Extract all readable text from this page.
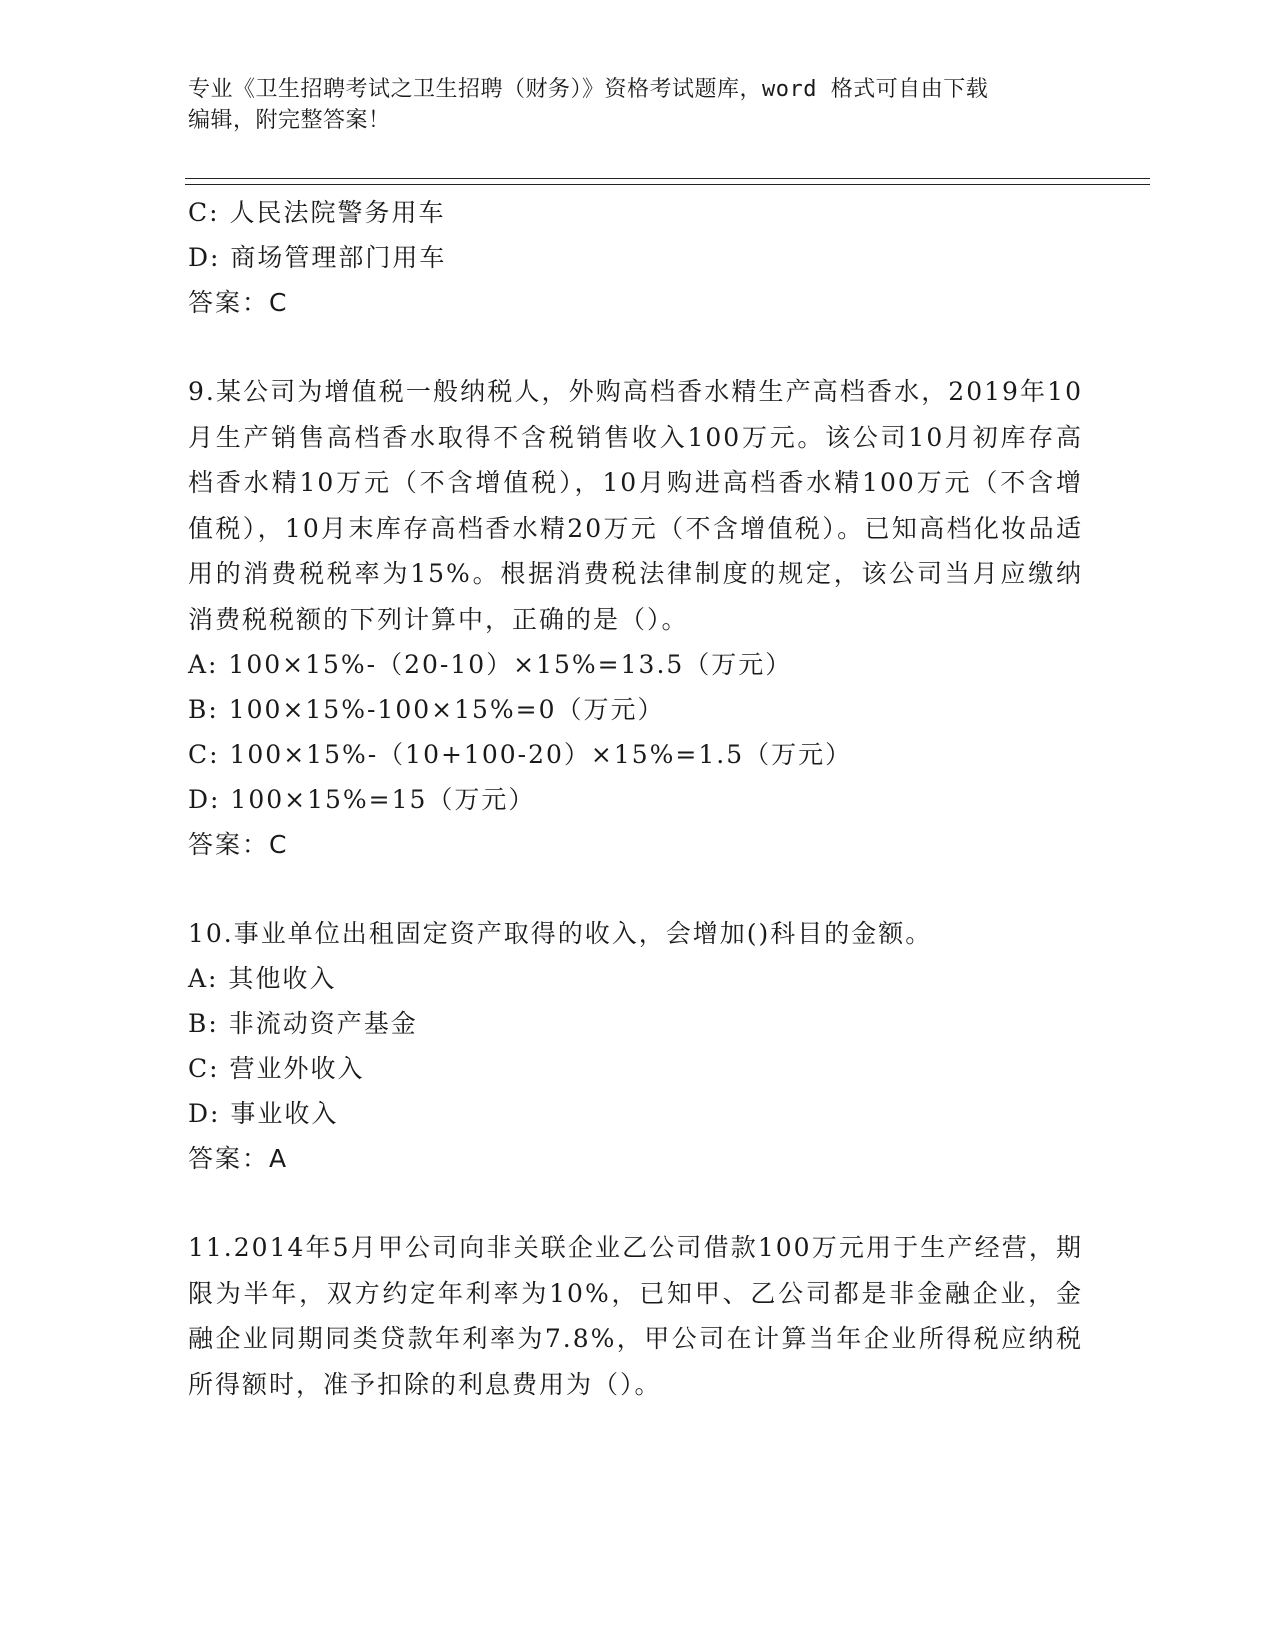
专业《卫生招聘考试之卫生招聘（财务）》资格考试题库，word 格式可自由下载
编辑，附完整答案！
C: 人民法院警务用车
D: 商场管理部门用车
答案：C
9.某公司为增值税一般纳税人，外购高档香水精生产高档香水，2019年10月生产销售高档香水取得不含税销售收入100万元。该公司10月初库存高档香水精10万元（不含增值税），10月购进高档香水精100万元（不含增值税），10月末库存高档香水精20万元（不含增值税）。已知高档化妆品适用的消费税税率为15%。根据消费税法律制度的规定，该公司当月应缴纳消费税税额的下列计算中，正确的是（）。
A: 100×15%-（20-10）×15%=13.5（万元）
B: 100×15%-100×15%=0（万元）
C: 100×15%-（10+100-20）×15%=1.5（万元）
D: 100×15%=15（万元）
答案：C
10.事业单位出租固定资产取得的收入，会增加()科目的金额。
A: 其他收入
B: 非流动资产基金
C: 营业外收入
D: 事业收入
答案：A
11.2014年5月甲公司向非关联企业乙公司借款100万元用于生产经营，期限为半年，双方约定年利率为10%，已知甲、乙公司都是非金融企业，金融企业同期同类贷款年利率为7.8%，甲公司在计算当年企业所得税应纳税所得额时，准予扣除的利息费用为（）。
